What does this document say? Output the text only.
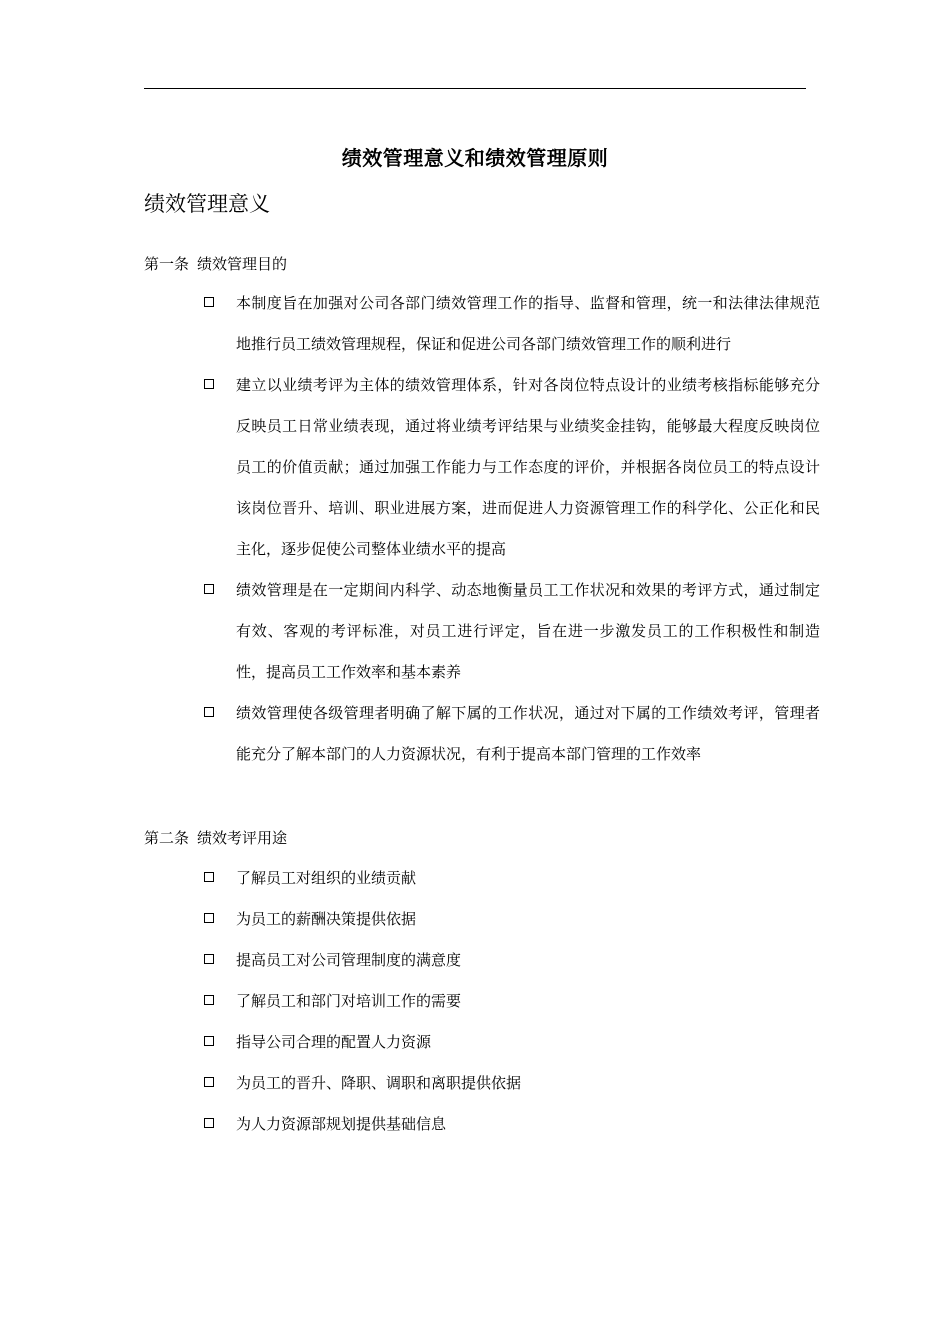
绩效管理意义和绩效管理原则
绩效管理意义
第一条 绩效管理目的
本制度旨在加强对公司各部门绩效管理工作的指导、监督和管理，统一和法律法律规范地推行员工绩效管理规程，保证和促进公司各部门绩效管理工作的顺利进行
建立以业绩考评为主体的绩效管理体系，针对各岗位特点设计的业绩考核指标能够充分反映员工日常业绩表现，通过将业绩考评结果与业绩奖金挂钩，能够最大程度反映岗位员工的价值贡献；通过加强工作能力与工作态度的评价，并根据各岗位员工的特点设计该岗位晋升、培训、职业进展方案，进而促进人力资源管理工作的科学化、公正化和民主化，逐步促使公司整体业绩水平的提高
绩效管理是在一定期间内科学、动态地衡量员工工作状况和效果的考评方式，通过制定有效、客观的考评标准，对员工进行评定，旨在进一步激发员工的工作积极性和制造性，提高员工工作效率和基本素养
绩效管理使各级管理者明确了解下属的工作状况，通过对下属的工作绩效考评，管理者能充分了解本部门的人力资源状况，有利于提高本部门管理的工作效率
第二条 绩效考评用途
了解员工对组织的业绩贡献
为员工的薪酬决策提供依据
提高员工对公司管理制度的满意度
了解员工和部门对培训工作的需要
指导公司合理的配置人力资源
为员工的晋升、降职、调职和离职提供依据
为人力资源部规划提供基础信息
